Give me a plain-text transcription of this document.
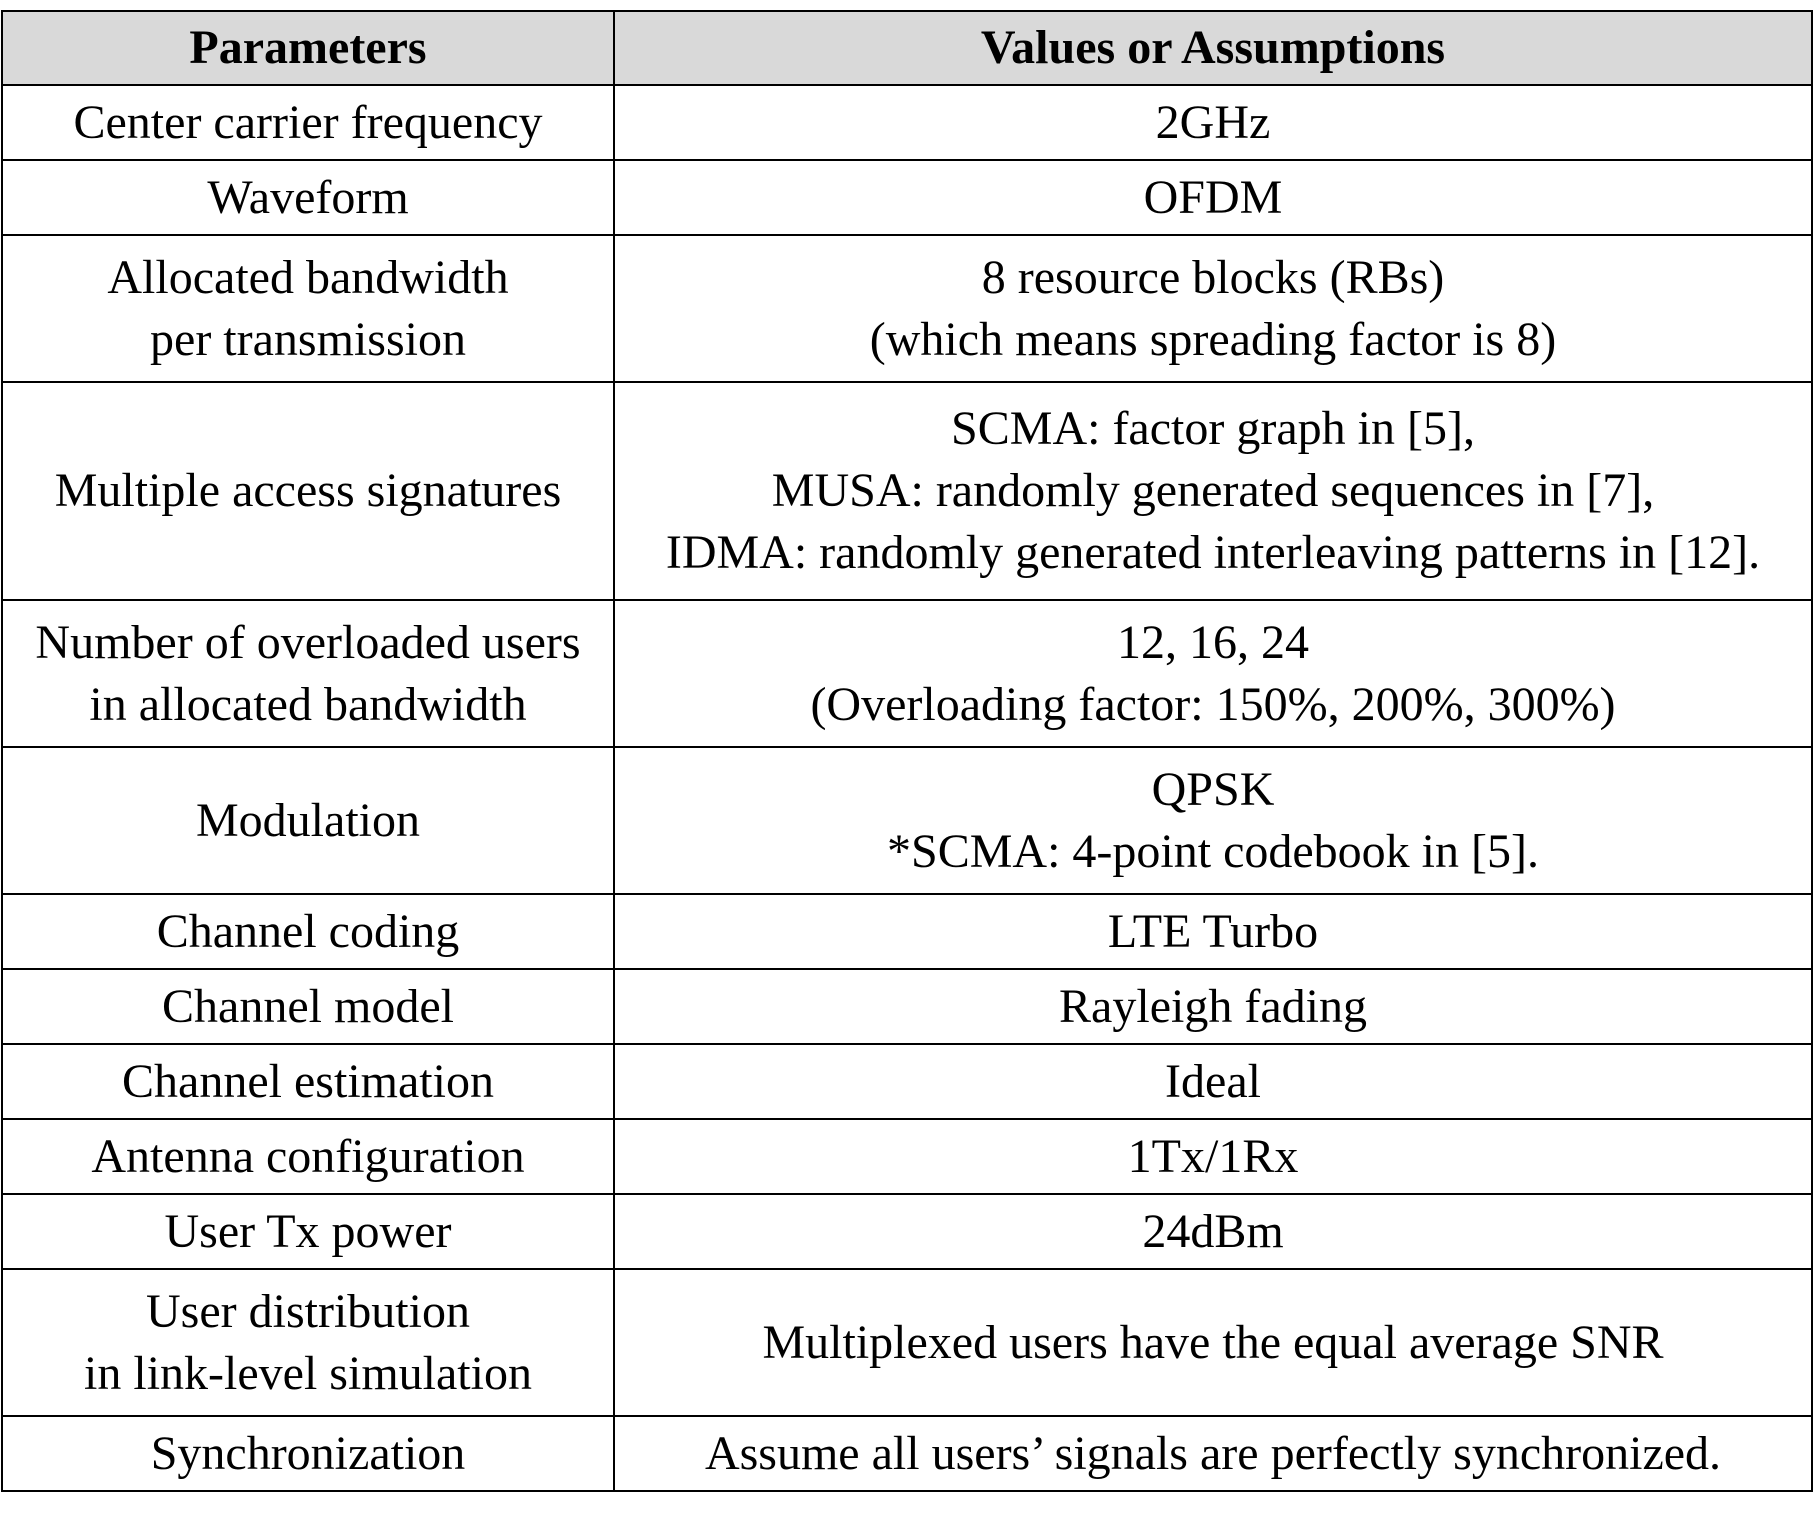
Parameters	Values or Assumptions

Center carrier frequency	2GHz

Waveform	OFDM

Allocated bandwidth
per transmission	8 resource blocks (RBs)
(which means spreading factor is 8)

Multiple access signatures	SCMA: factor graph in [5],
MUSA: randomly generated sequences in [7],
IDMA: randomly generated interleaving patterns in [12].

Number of overloaded users
in allocated bandwidth	12, 16, 24
(Overloading factor: 150%, 200%, 300%)

Modulation	QPSK
*SCMA: 4-point codebook in [5].

Channel coding	LTE Turbo

Channel model	Rayleigh fading

Channel estimation	Ideal

Antenna configuration	1Tx/1Rx

User Tx power	24dBm

User distribution
in link-level simulation	Multiplexed users have the equal average SNR

Synchronization	Assume all users’ signals are perfectly synchronized.
